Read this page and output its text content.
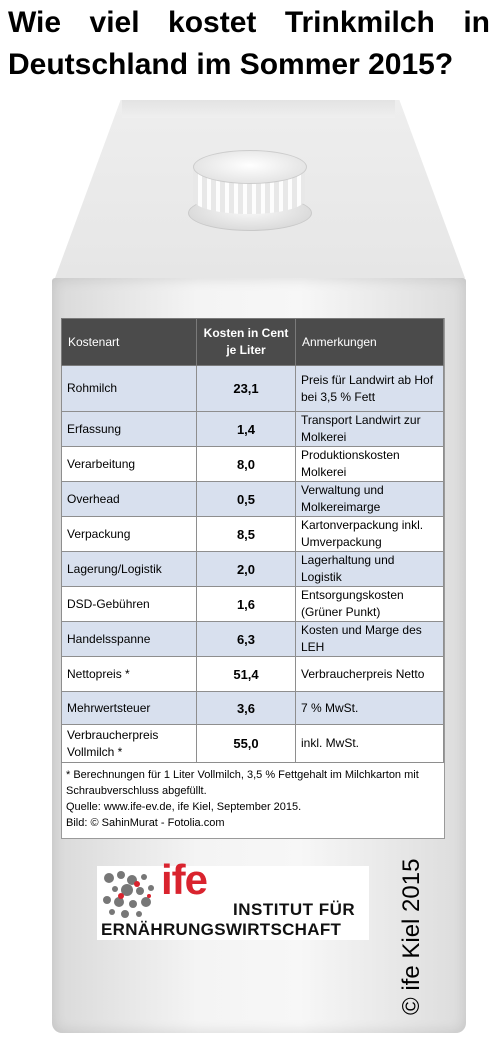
Wie viel kostet Trinkmilch in
Deutschland im Sommer 2015?
Kostenart	Kosten in Cent je Liter	Anmerkungen
Rohmilch	23,1	Preis für Landwirt ab Hof bei 3,5 % Fett
Erfassung	1,4	Transport Landwirt zur Molkerei
Verarbeitung	8,0	Produktionskosten Molkerei
Overhead	0,5	Verwaltung und Molkereimarge
Verpackung	8,5	Kartonverpackung inkl. Umverpackung
Lagerung/Logistik	2,0	Lagerhaltung und Logistik
DSD-Gebühren	1,6	Entsorgungskosten (Grüner Punkt)
Handelsspanne	6,3	Kosten und Marge des LEH
Nettopreis *	51,4	Verbraucherpreis Netto
Mehrwertsteuer	3,6	7 % MwSt.
Verbraucherpreis Vollmilch *	55,0	inkl. MwSt.
* Berechnungen für 1 Liter Vollmilch, 3,5 % Fettgehalt im Milchkarton mit Schraubverschluss abgefüllt.
Quelle: www.ife-ev.de, ife Kiel, September 2015.
Bild: © SahinMurat - Fotolia.com
ife
INSTITUT FÜR
ERNÄHRUNGSWIRTSCHAFT © ife Kiel 2015
